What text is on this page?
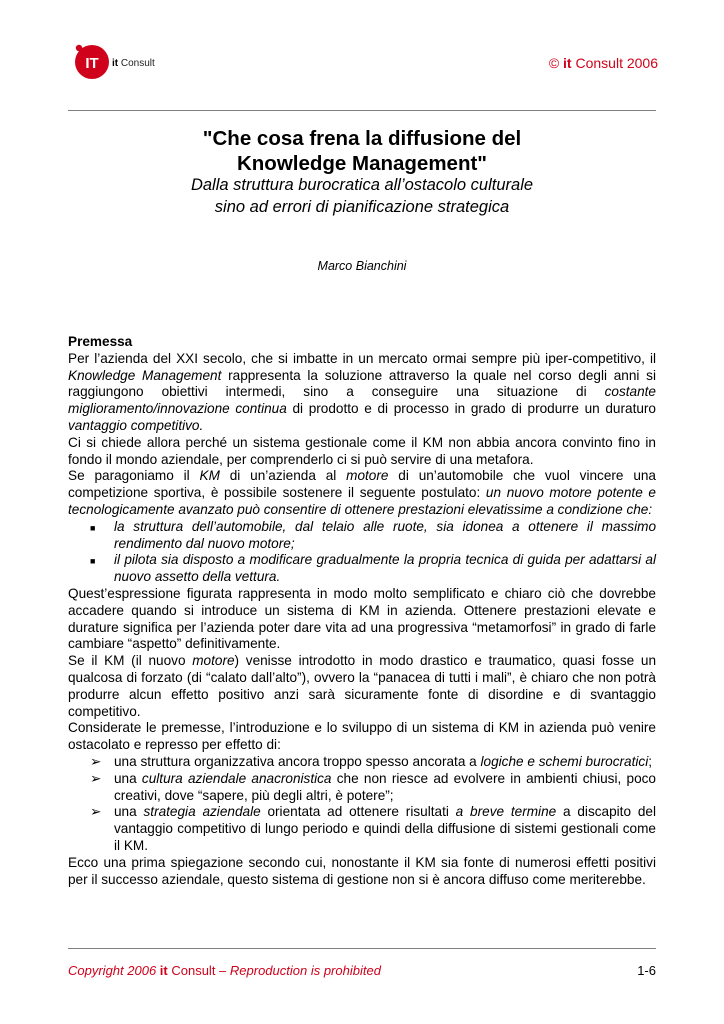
IT it Consult	© it Consult 2006
"Che cosa frena la diffusione del
Knowledge Management"
Dalla struttura burocratica all’ostacolo culturale
sino ad errori di pianificazione strategica
Marco Bianchini

Premessa

Per l’azienda del XXI secolo, che si imbatte in un mercato ormai sempre più iper-competitivo, il Knowledge Management rappresenta la soluzione attraverso la quale nel corso degli anni si raggiungono obiettivi intermedi, sino a conseguire una situazione di costante miglioramento/innovazione continua di prodotto e di processo in grado di produrre un duraturo vantaggio competitivo.

Ci si chiede allora perché un sistema gestionale come il KM non abbia ancora convinto fino in fondo il mondo aziendale, per comprenderlo ci si può servire di una metafora.

Se paragoniamo il KM di un’azienda al motore di un’automobile che vuol vincere una competizione sportiva, è possibile sostenere il seguente postulato: un nuovo motore potente e tecnologicamente avanzato può consentire di ottenere prestazioni elevatissime a condizione che:

■ la struttura dell’automobile, dal telaio alle ruote, sia idonea a ottenere il massimo rendimento dal nuovo motore;
■ il pilota sia disposto a modificare gradualmente la propria tecnica di guida per adattarsi al nuovo assetto della vettura.

Quest’espressione figurata rappresenta in modo molto semplificato e chiaro ciò che dovrebbe accadere quando si introduce un sistema di KM in azienda. Ottenere prestazioni elevate e durature significa per l’azienda poter dare vita ad una progressiva “metamorfosi” in grado di farle cambiare “aspetto” definitivamente.

Se il KM (il nuovo motore) venisse introdotto in modo drastico e traumatico, quasi fosse un qualcosa di forzato (di “calato dall’alto”), ovvero la “panacea di tutti i mali”, è chiaro che non potrà produrre alcun effetto positivo anzi sarà sicuramente fonte di disordine e di svantaggio competitivo.

Considerate le premesse, l’introduzione e lo sviluppo di un sistema di KM in azienda può venire ostacolato e represso per effetto di:

➢ una struttura organizzativa ancora troppo spesso ancorata a logiche e schemi burocratici;
➢ una cultura aziendale anacronistica che non riesce ad evolvere in ambienti chiusi, poco creativi, dove “sapere, più degli altri, è potere”;
➢ una strategia aziendale orientata ad ottenere risultati a breve termine a discapito del vantaggio competitivo di lungo periodo e quindi della diffusione di sistemi gestionali come il KM.

Ecco una prima spiegazione secondo cui, nonostante il KM sia fonte di numerosi effetti positivi per il successo aziendale, questo sistema di gestione non si è ancora diffuso come meriterebbe.

Copyright 2006 it Consult – Reproduction is prohibited	1-6
